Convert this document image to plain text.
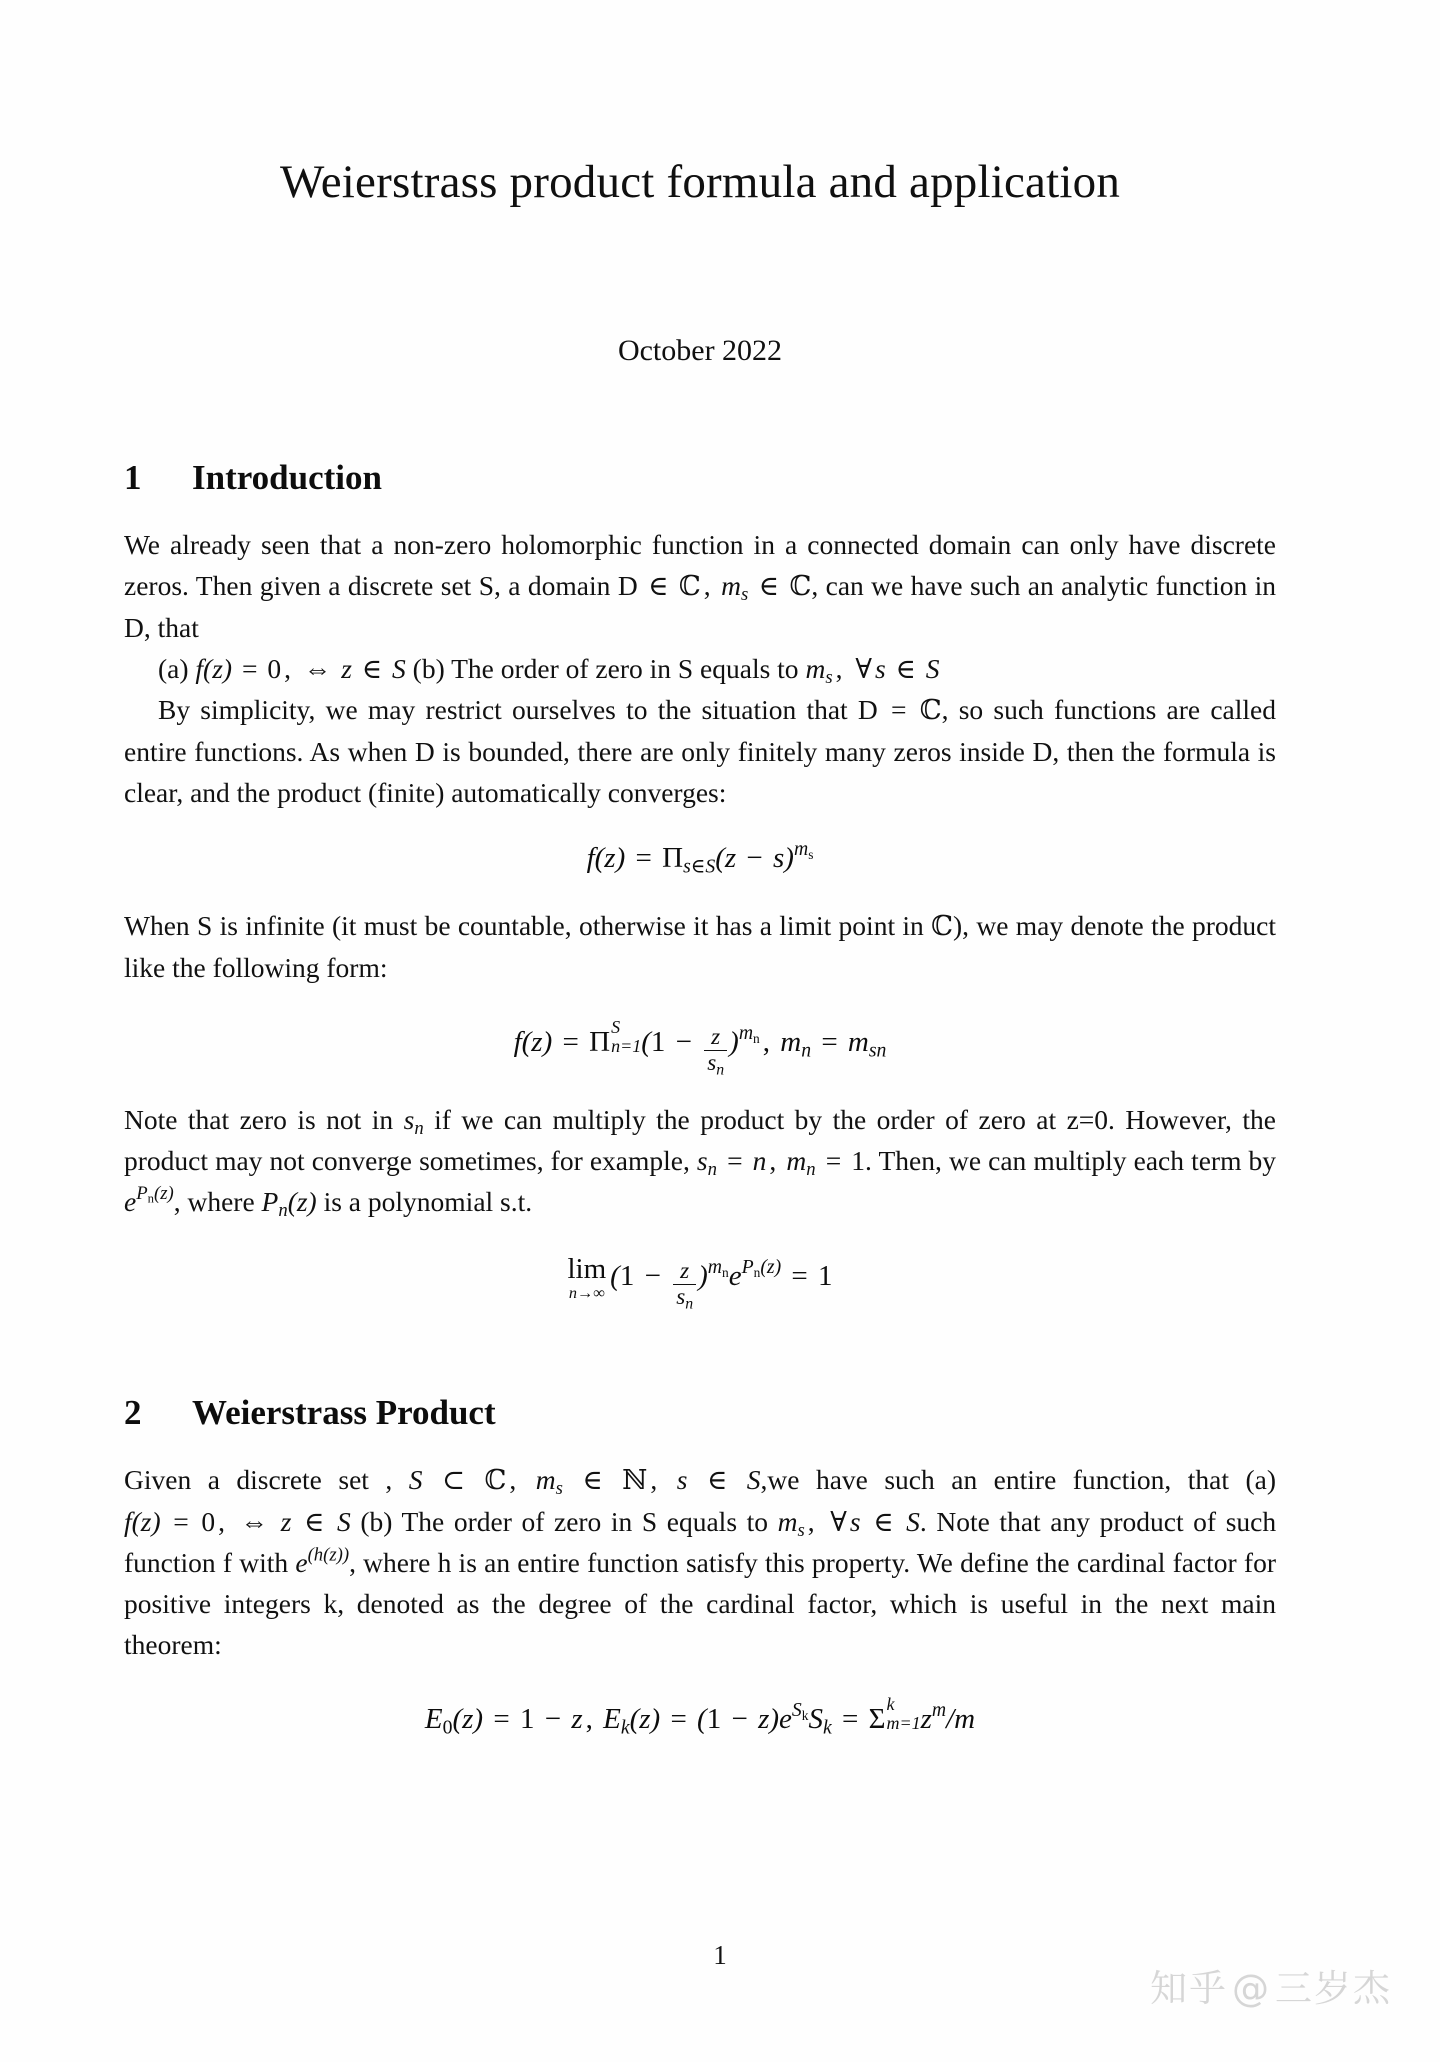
Weierstrass product formula and application
October 2022
1	Introduction

We already seen that a non-zero holomorphic function in a connected domain can only have discrete zeros. Then given a discrete set S, a domain D ∈ ℂ , $m_s$ ∈ ℂ, can we have such an analytic function in D, that

(a) f(z) = 0 , ⇔ z ∈ S (b) The order of zero in S equals to $m_s$ , ∀ s ∈ S

By simplicity, we may restrict ourselves to the situation that D = ℂ, so such functions are called entire functions. As when D is bounded, there are only finitely many zeros inside D, then the formula is clear, and the product (finite) automatically converges:

$f(z) = \Pi_{s\in S}(z - s)^{m_s}$

When S is infinite (it must be countable, otherwise it has a limit point in ℂ), we may denote the product like the following form:

f(z) = Π S
n=1 $(1 - \frac{z}{s_n} )^{m_n}$ , $m_n = m_{sn}$

Note that zero is not in $s_n$ if we can multiply the product by the order of zero at z=0. However, the product may not converge sometimes, for example, $s_n = n$ , $m_n = 1$. Then, we can multiply each term by $e^{P_n(z)}$, where $P_n(z)$ is a polynomial s.t.

lim
n→∞
$(1 - \frac{z}{s_n} )^{m_n}e^{P_n(z)} = 1$
2	Weierstrass Product

Given a discrete set , S ⊂ ℂ , $m_s$ ∈ ℕ , s ∈ S,we have such an entire function, that (a) f(z) = 0 , ⇔ z ∈ S (b) The order of zero in S equals to $m_s$ , ∀ s ∈ S. Note that any product of such function f with $e^{(h(z))}$, where h is an entire function satisfy this property. We define the cardinal factor for positive integers k, denoted as the degree of the cardinal factor, which is useful in the next main theorem:

$E_0(z) = 1 - z$ , $E_k(z) = (1 - z)e^{S_k}S_k = \Sigma$ k
m=1 $z^m/m$
1
知乎 @ 三岁杰
